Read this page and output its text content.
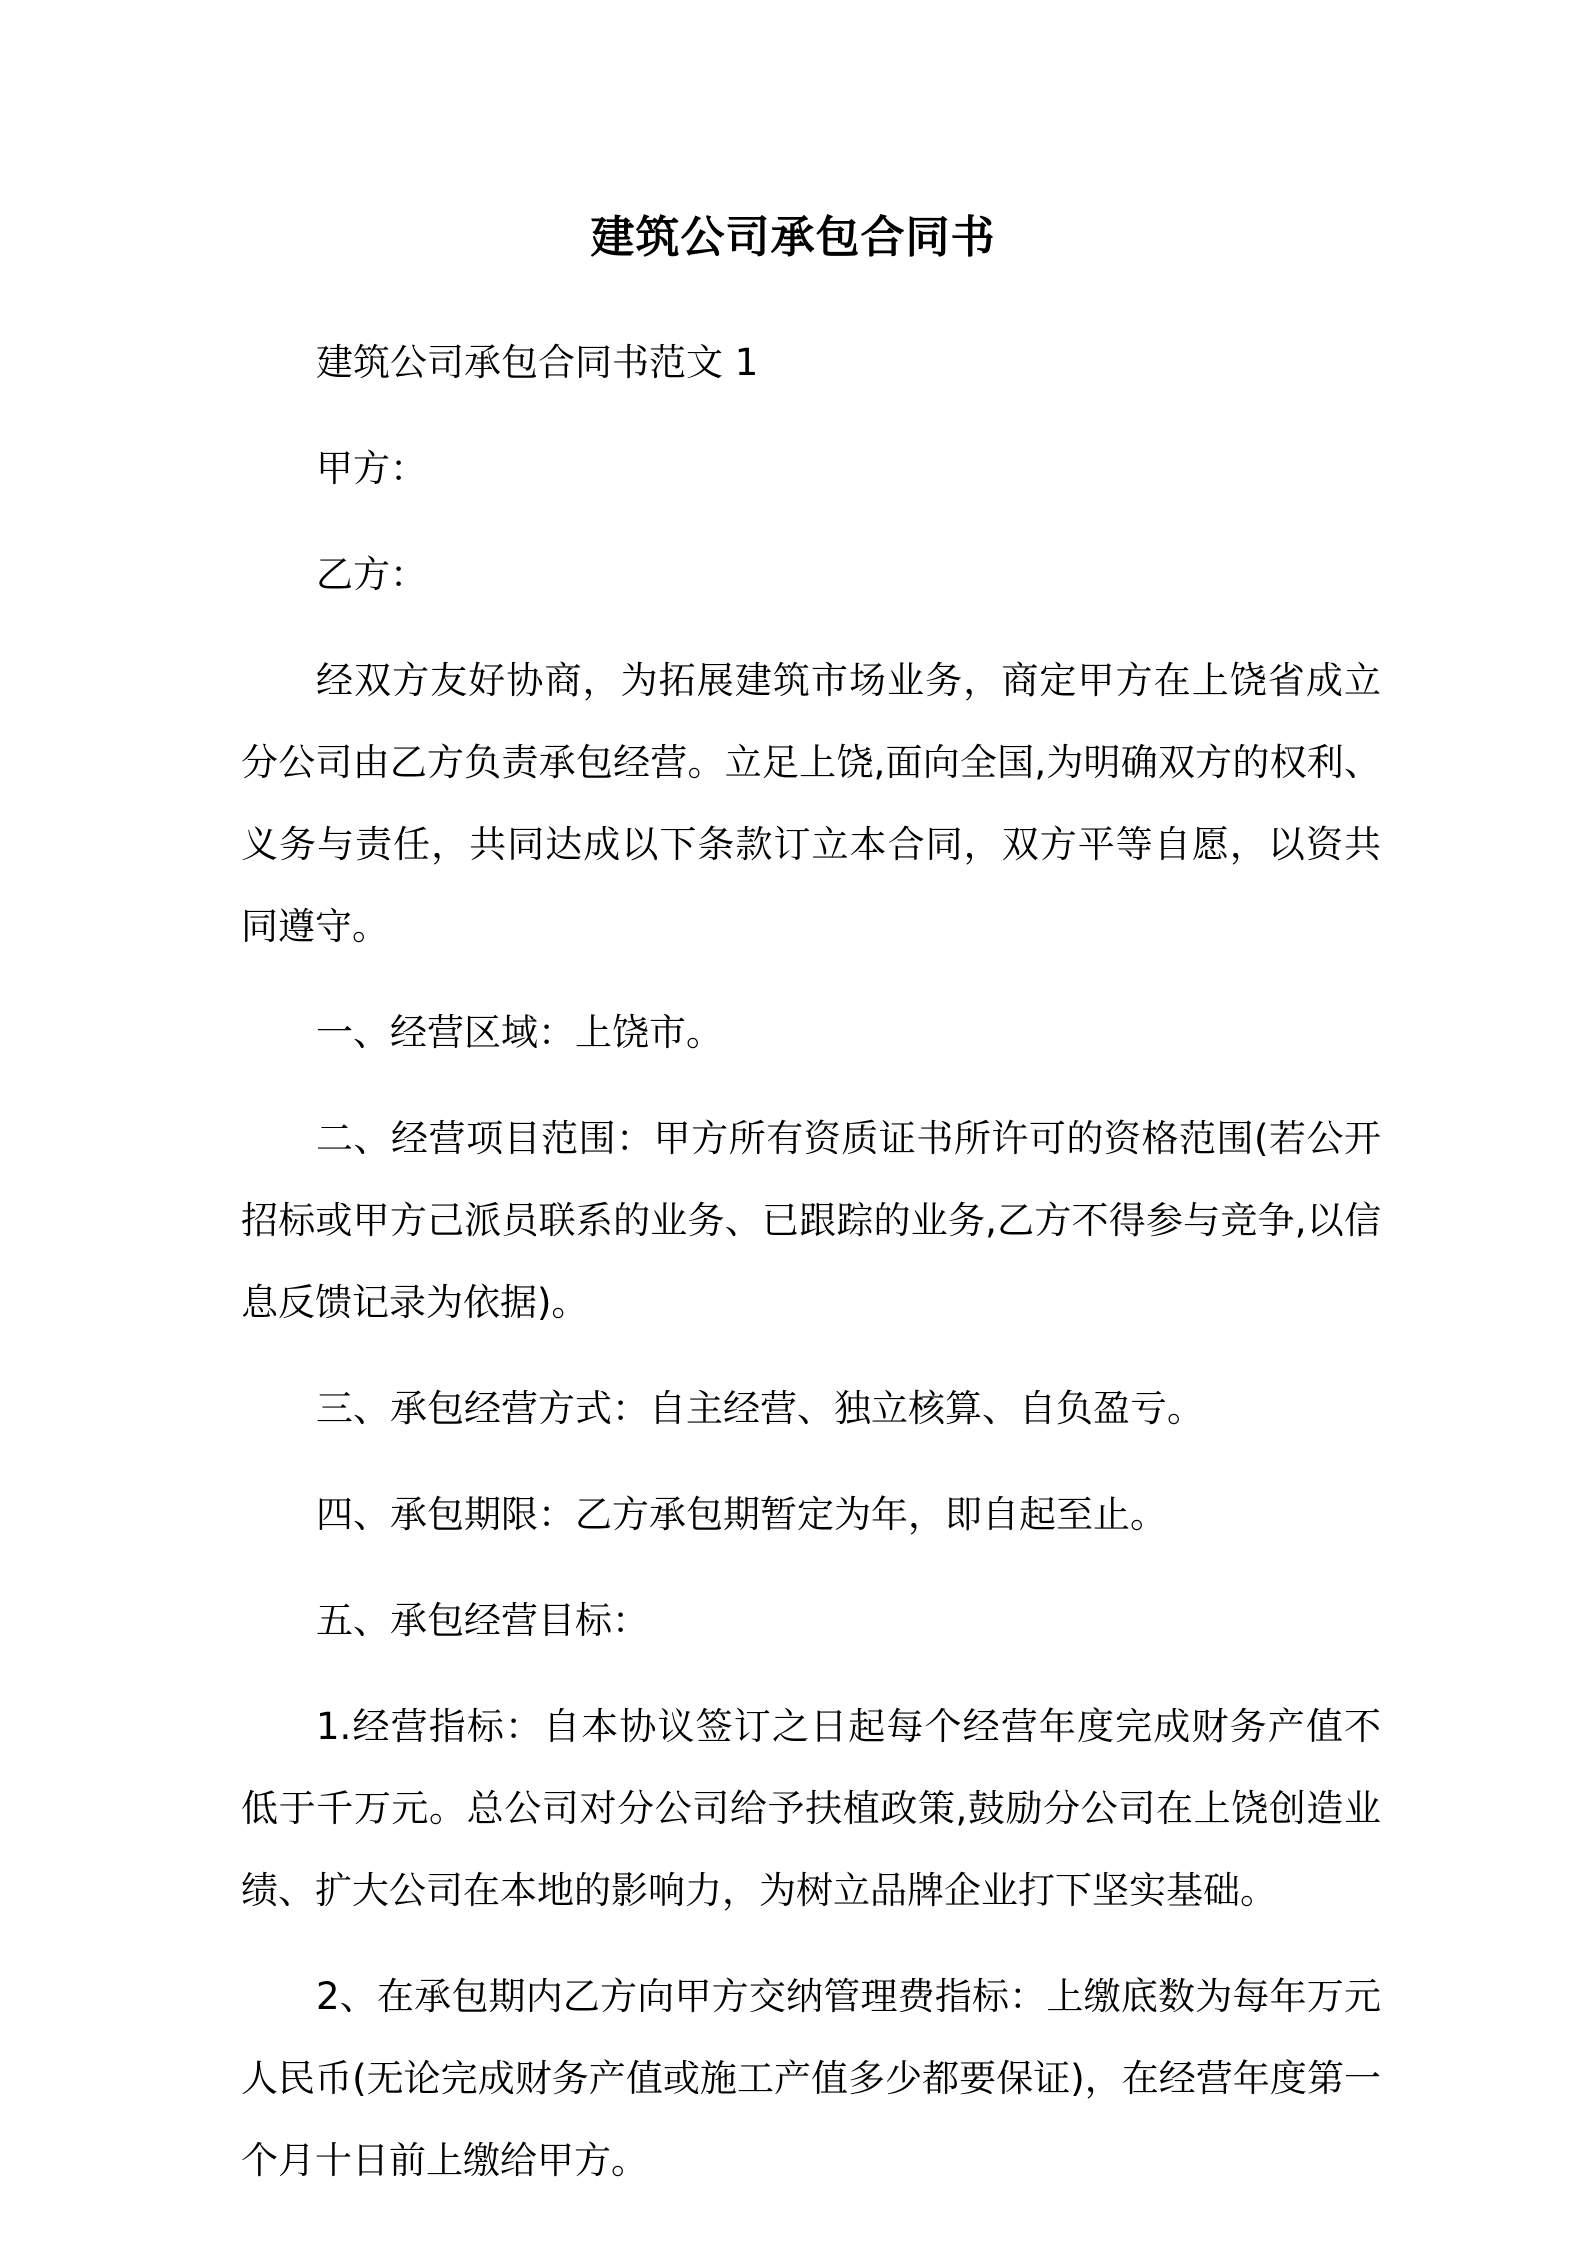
建筑公司承包合同书

建筑公司承包合同书范文 1

甲方：

乙方：

经双方友好协商，为拓展建筑市场业务，商定甲方在上饶省成立分公司由乙方负责承包经营。立足上饶,面向全国,为明确双方的权利、义务与责任，共同达成以下条款订立本合同，双方平等自愿，以资共同遵守。

一、经营区域：上饶市。

二、经营项目范围：甲方所有资质证书所许可的资格范围(若公开招标或甲方己派员联系的业务、已跟踪的业务,乙方不得参与竞争,以信息反馈记录为依据)。

三、承包经营方式：自主经营、独立核算、自负盈亏。

四、承包期限：乙方承包期暂定为年，即自起至止。

五、承包经营目标：

1.经营指标：自本协议签订之日起每个经营年度完成财务产值不低于千万元。总公司对分公司给予扶植政策,鼓励分公司在上饶创造业绩、扩大公司在本地的影响力，为树立品牌企业打下坚实基础。

2、在承包期内乙方向甲方交纳管理费指标：上缴底数为每年万元人民币(无论完成财务产值或施工产值多少都要保证)，在经营年度第一个月十日前上缴给甲方。
